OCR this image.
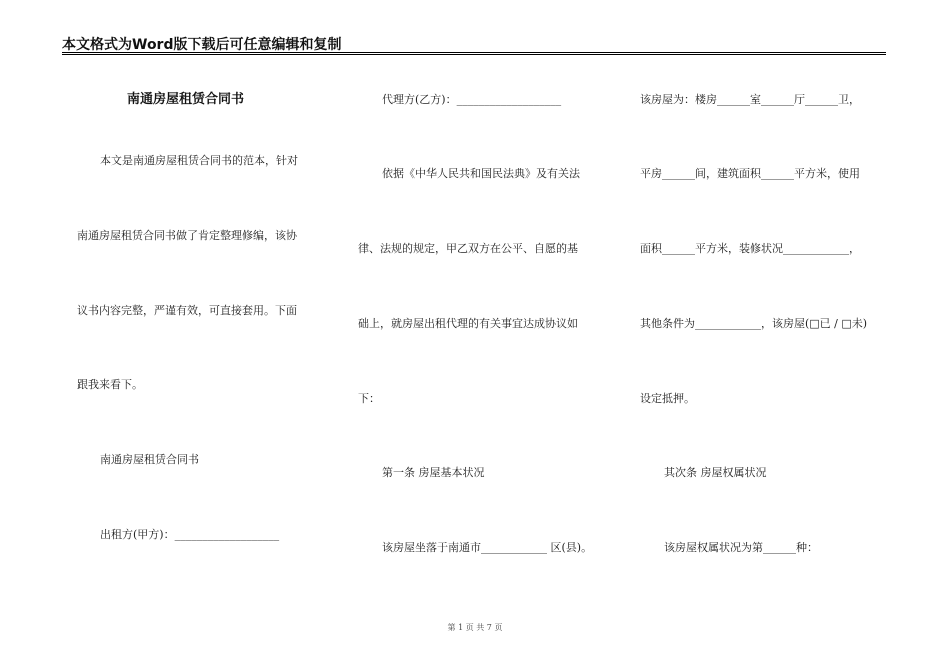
本文格式为Word版下载后可任意编辑和复制
南通房屋租赁合同书
本文是南通房屋租赁合同书的范本，针对
南通房屋租赁合同书做了肯定整理修编，该协
议书内容完整，严谨有效，可直接套用。下面
跟我来看下。
南通房屋租赁合同书
出租方(甲方)：___________________
代理方(乙方)：___________________
依据《中华人民共和国民法典》及有关法
律、法规的规定，甲乙双方在公平、自愿的基
础上，就房屋出租代理的有关事宜达成协议如
下：
第一条 房屋基本状况
该房屋坐落于南通市____________ 区(县)。
该房屋为：楼房______室______厅______卫，
平房______间，建筑面积______平方米，使用
面积______平方米，装修状况____________，
其他条件为____________，该房屋(□已 / □未)
设定抵押。
其次条 房屋权属状况
该房屋权属状况为第______种：
第 1 页 共 7 页
